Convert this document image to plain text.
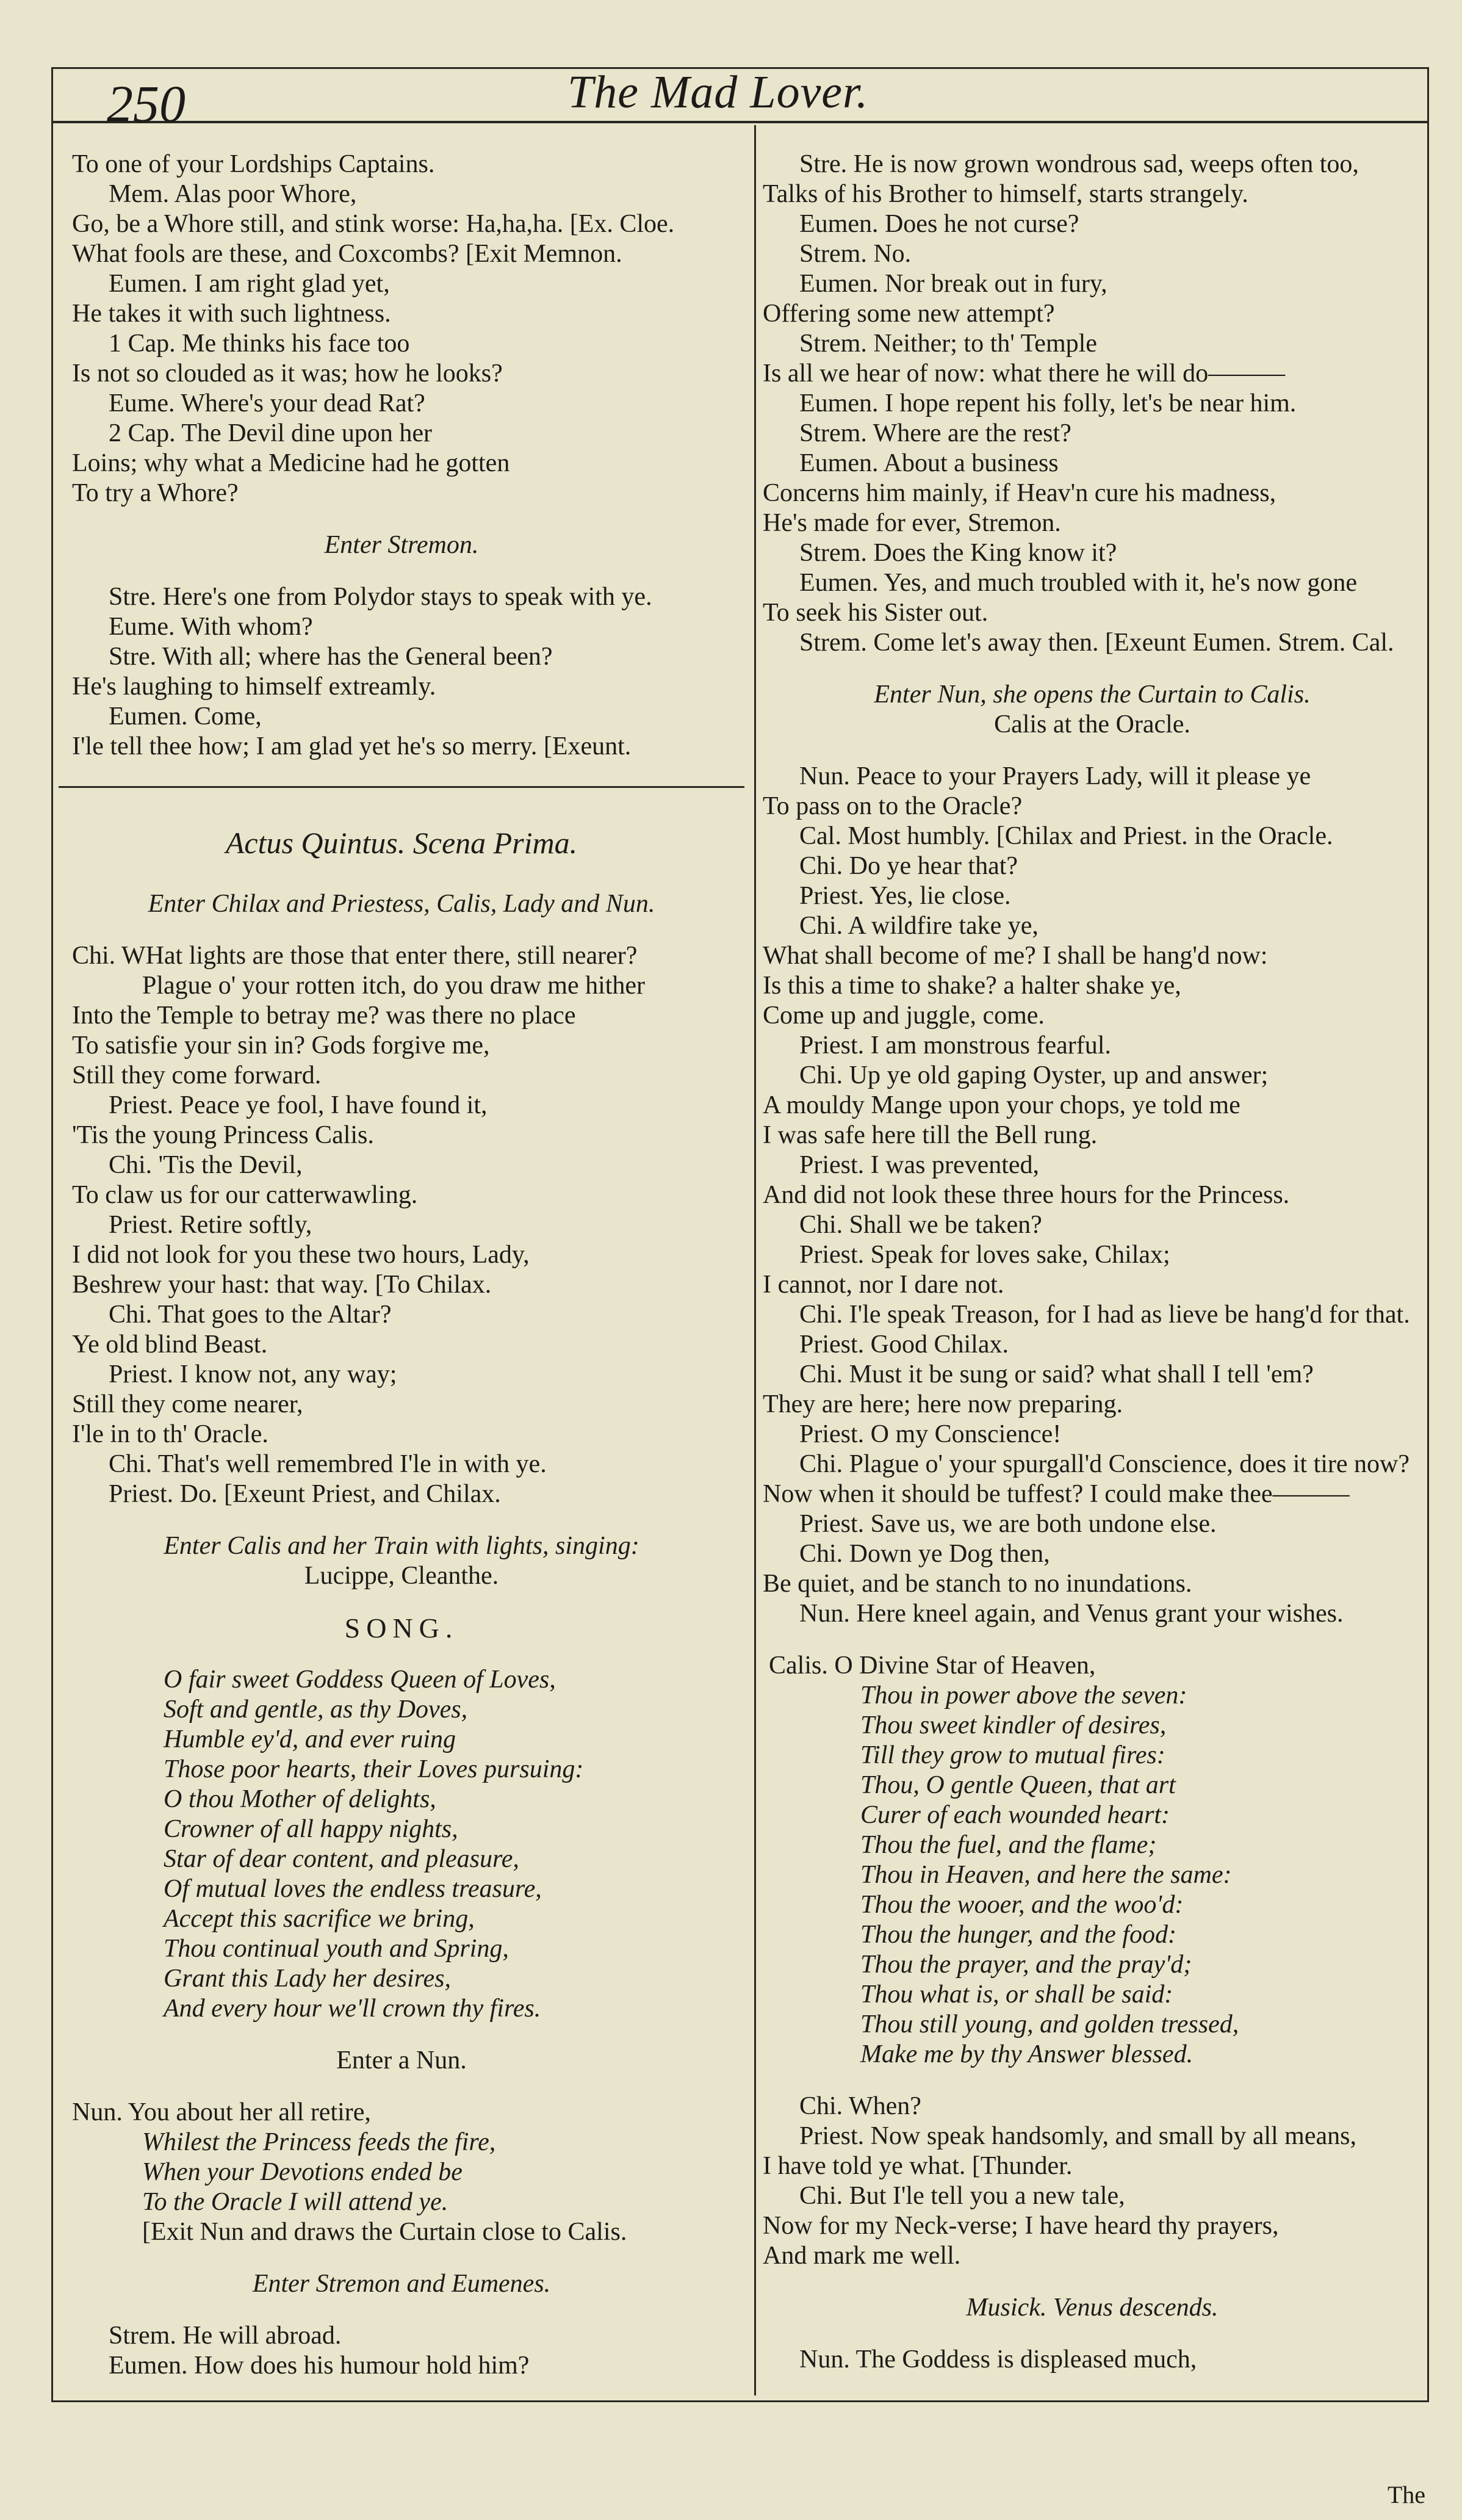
250	The Mad Lover.
To one of your Lordships Captains.
Mem. Alas poor Whore,
Go, be a Whore still, and stink worse: Ha,ha,ha. [Ex. Cloe.
What fools are these, and Coxcombs? [Exit Memnon.
Eumen. I am right glad yet,
He takes it with such lightness.
1 Cap. Me thinks his face too
Is not so clouded as it was; how he looks?
Eume. Where's your dead Rat?
2 Cap. The Devil dine upon her
Loins; why what a Medicine had he gotten
To try a Whore?
Enter Stremon.
Stre. Here's one from Polydor stays to speak with ye.
Eume. With whom?
Stre. With all; where has the General been?
He's laughing to himself extreamly.
Eumen. Come,
I'le tell thee how; I am glad yet he's so merry. [Exeunt.
Actus Quintus. Scena Prima.
Enter Chilax and Priestess, Calis, Lady and Nun.
Chi. WHat lights are those that enter there, still nearer?
Plague o' your rotten itch, do you draw me hither
Into the Temple to betray me? was there no place
To satisfie your sin in? Gods forgive me,
Still they come forward.
Priest. Peace ye fool, I have found it,
'Tis the young Princess Calis.
Chi. 'Tis the Devil,
To claw us for our catterwawling.
Priest. Retire softly,
I did not look for you these two hours, Lady,
Beshrew your hast: that way. [To Chilax.
Chi. That goes to the Altar?
Ye old blind Beast.
Priest. I know not, any way;
Still they come nearer,
I'le in to th' Oracle.
Chi. That's well remembred I'le in with ye.
Priest. Do. [Exeunt Priest, and Chilax.
Enter Calis and her Train with lights, singing:
Lucippe, Cleanthe.
SONG.
O fair sweet Goddess Queen of Loves,
Soft and gentle, as thy Doves,
Humble ey'd, and ever ruing
Those poor hearts, their Loves pursuing:
O thou Mother of delights,
Crowner of all happy nights,
Star of dear content, and pleasure,
Of mutual loves the endless treasure,
Accept this sacrifice we bring,
Thou continual youth and Spring,
Grant this Lady her desires,
And every hour we'll crown thy fires.
Enter a Nun.
Nun. You about her all retire,
Whilest the Princess feeds the fire,
When your Devotions ended be
To the Oracle I will attend ye.
[Exit Nun and draws the Curtain close to Calis.
Enter Stremon and Eumenes.
Strem. He will abroad.
Eumen. How does his humour hold him?
Stre. He is now grown wondrous sad, weeps often too,
Talks of his Brother to himself, starts strangely.
Eumen. Does he not curse?
Strem. No.
Eumen. Nor break out in fury,
Offering some new attempt?
Strem. Neither; to th' Temple
Is all we hear of now: what there he will do———
Eumen. I hope repent his folly, let's be near him.
Strem. Where are the rest?
Eumen. About a business
Concerns him mainly, if Heav'n cure his madness,
He's made for ever, Stremon.
Strem. Does the King know it?
Eumen. Yes, and much troubled with it, he's now gone
To seek his Sister out.
Strem. Come let's away then. [Exeunt Eumen. Strem. Cal.
Enter Nun, she opens the Curtain to Calis.
Calis at the Oracle.
Nun. Peace to your Prayers Lady, will it please ye
To pass on to the Oracle?
Cal. Most humbly. [Chilax and Priest. in the Oracle.
Chi. Do ye hear that?
Priest. Yes, lie close.
Chi. A wildfire take ye,
What shall become of me? I shall be hang'd now:
Is this a time to shake? a halter shake ye,
Come up and juggle, come.
Priest. I am monstrous fearful.
Chi. Up ye old gaping Oyster, up and answer;
A mouldy Mange upon your chops, ye told me
I was safe here till the Bell rung.
Priest. I was prevented,
And did not look these three hours for the Princess.
Chi. Shall we be taken?
Priest. Speak for loves sake, Chilax;
I cannot, nor I dare not.
Chi. I'le speak Treason, for I had as lieve be hang'd for that.
Priest. Good Chilax.
Chi. Must it be sung or said? what shall I tell 'em?
They are here; here now preparing.
Priest. O my Conscience!
Chi. Plague o' your spurgall'd Conscience, does it tire now?
Now when it should be tuffest? I could make thee———
Priest. Save us, we are both undone else.
Chi. Down ye Dog then,
Be quiet, and be stanch to no inundations.
Nun. Here kneel again, and Venus grant your wishes.
Calis. O Divine Star of Heaven,
Thou in power above the seven:
Thou sweet kindler of desires,
Till they grow to mutual fires:
Thou, O gentle Queen, that art
Curer of each wounded heart:
Thou the fuel, and the flame;
Thou in Heaven, and here the same:
Thou the wooer, and the woo'd:
Thou the hunger, and the food:
Thou the prayer, and the pray'd;
Thou what is, or shall be said:
Thou still young, and golden tressed,
Make me by thy Answer blessed.
Chi. When?
Priest. Now speak handsomly, and small by all means,
I have told ye what. [Thunder.
Chi. But I'le tell you a new tale,
Now for my Neck-verse; I have heard thy prayers,
And mark me well.
Musick. Venus descends.
Nun. The Goddess is displeased much,
The
